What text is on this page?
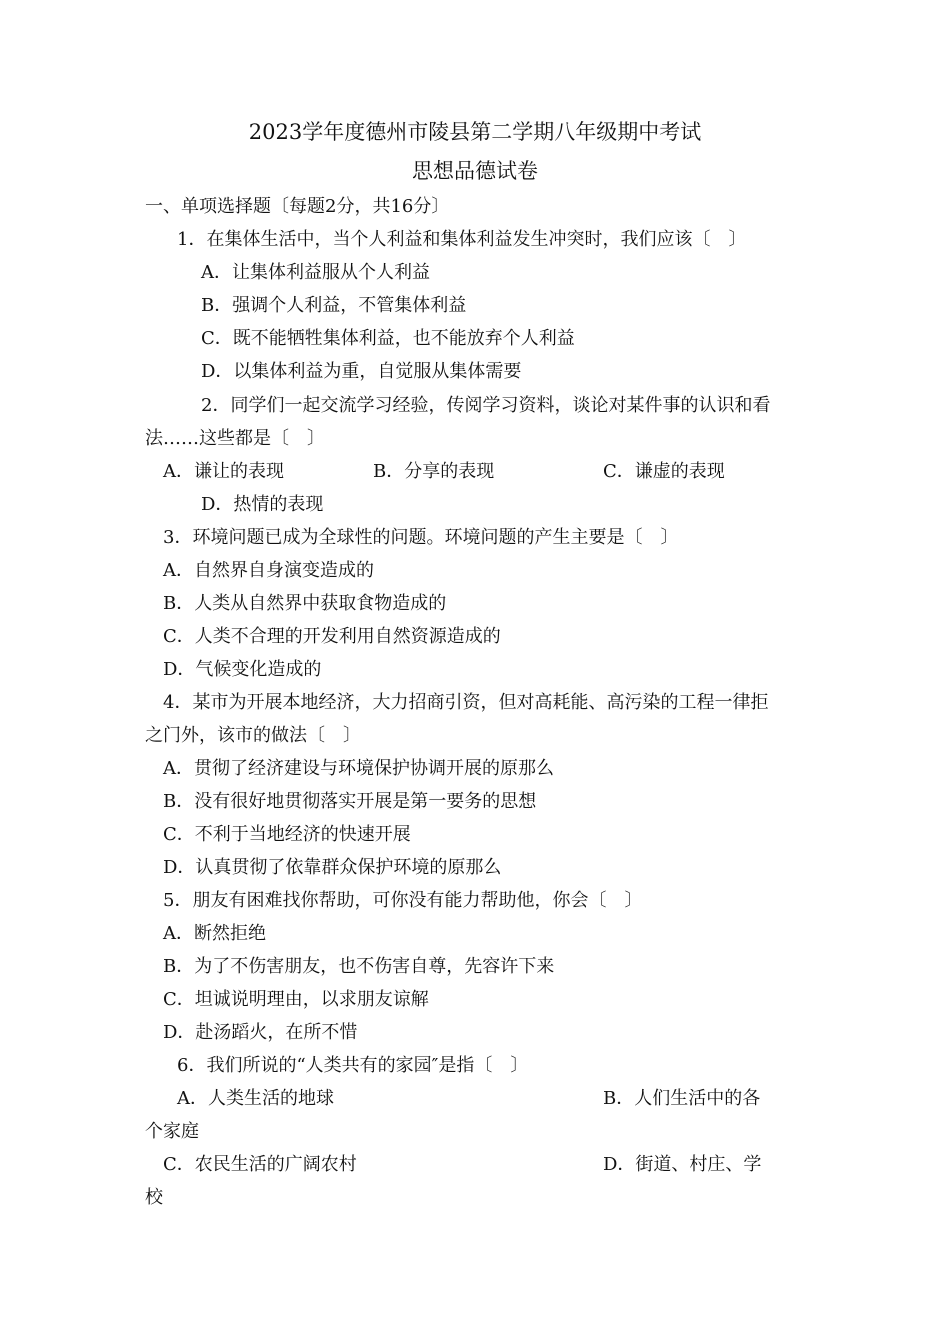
2023学年度德州市陵县第二学期八年级期中考试
思想品德试卷
一、单项选择题〔每题2分，共16分〕
1．在集体生活中，当个人利益和集体利益发生冲突时，我们应该〔　〕
A．让集体利益服从个人利益
B．强调个人利益，不管集体利益
C．既不能牺牲集体利益，也不能放弃个人利益
D．以集体利益为重，自觉服从集体需要
2．同学们一起交流学习经验，传阅学习资料，谈论对某件事的认识和看
法……这些都是〔　〕
A．谦让的表现	B．分享的表现	C．谦虚的表现
D．热情的表现
3．环境问题已成为全球性的问题。环境问题的产生主要是〔　〕
A．自然界自身演变造成的
B．人类从自然界中获取食物造成的
C．人类不合理的开发利用自然资源造成的
D．气候变化造成的
4．某市为开展本地经济，大力招商引资，但对高耗能、高污染的工程一律拒
之门外，该市的做法〔　〕
A．贯彻了经济建设与环境保护协调开展的原那么
B．没有很好地贯彻落实开展是第一要务的思想
C．不利于当地经济的快速开展
D．认真贯彻了依靠群众保护环境的原那么
5．朋友有困难找你帮助，可你没有能力帮助他，你会〔　〕
A．断然拒绝
B．为了不伤害朋友，也不伤害自尊，先容许下来
C．坦诚说明理由，以求朋友谅解
D．赴汤蹈火，在所不惜
6．我们所说的“人类共有的家园″是指〔　〕
A．人类生活的地球	B．人们生活中的各
个家庭
C．农民生活的广阔农村	D．街道、村庄、学
校
